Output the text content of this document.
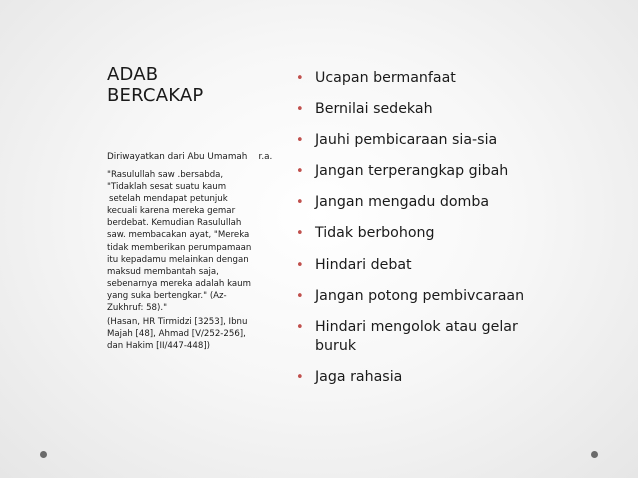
ADAB
BERCAKAP
Diriwayatkan dari Abu Umamah    r.a.
"Rasulullah saw .bersabda,
"Tidaklah sesat suatu kaum
setelah mendapat petunjuk
kecuali karena mereka gemar
berdebat. Kemudian Rasulullah
saw. membacakan ayat, "Mereka
tidak memberikan perumpamaan
itu kepadamu melainkan dengan
maksud membantah saja,
sebenarnya mereka adalah kaum
yang suka bertengkar." (Az-
Zukhruf: 58)."
(Hasan, HR Tirmidzi [3253], Ibnu
Majah [48], Ahmad [V/252-256],
dan Hakim [II/447-448])
• Ucapan bermanfaat
• Bernilai sedekah
• Jauhi pembicaraan sia-sia
• Jangan terperangkap gibah
• Jangan mengadu domba
• Tidak berbohong
• Hindari debat
• Jangan potong pembivcaraan
• Hindari mengolok atau gelar buruk
• Jaga rahasia
